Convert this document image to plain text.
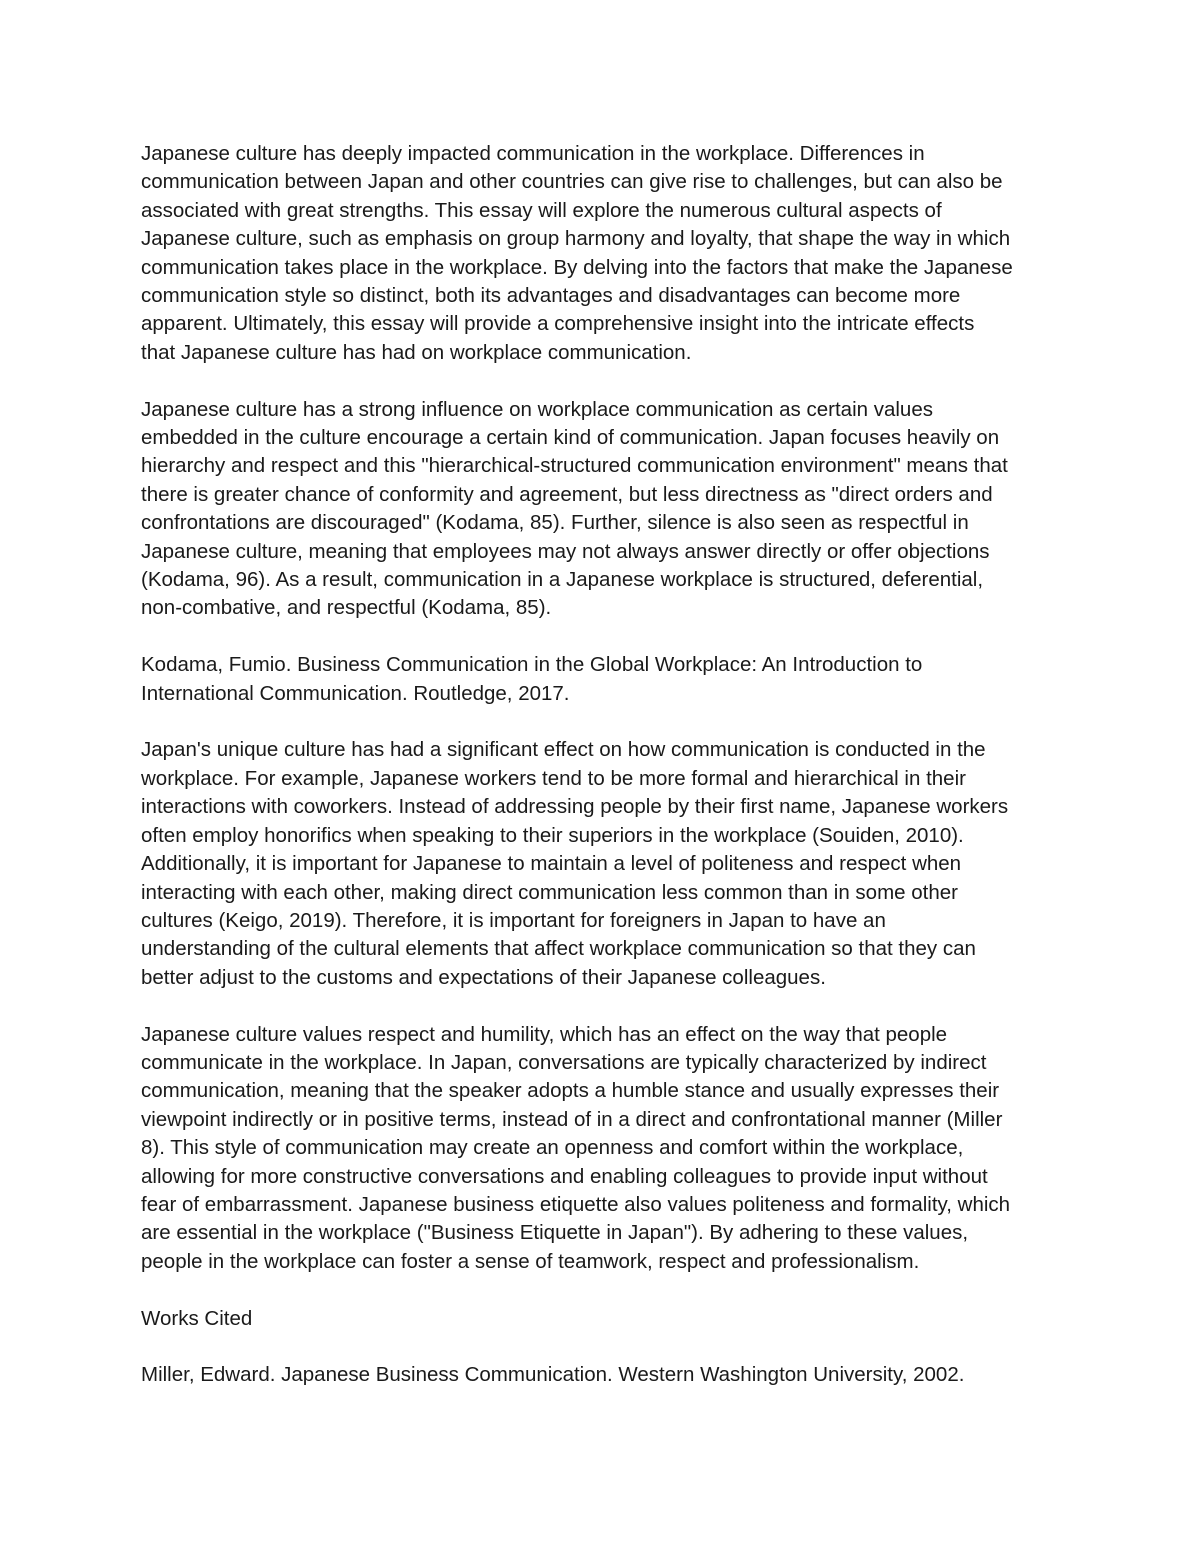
Japanese culture has deeply impacted communication in the workplace. Differences in
communication between Japan and other countries can give rise to challenges, but can also be
associated with great strengths. This essay will explore the numerous cultural aspects of
Japanese culture, such as emphasis on group harmony and loyalty, that shape the way in which
communication takes place in the workplace. By delving into the factors that make the Japanese
communication style so distinct, both its advantages and disadvantages can become more
apparent. Ultimately, this essay will provide a comprehensive insight into the intricate effects
that Japanese culture has had on workplace communication.

Japanese culture has a strong influence on workplace communication as certain values
embedded in the culture encourage a certain kind of communication. Japan focuses heavily on
hierarchy and respect and this "hierarchical-structured communication environment" means that
there is greater chance of conformity and agreement, but less directness as "direct orders and
confrontations are discouraged" (Kodama, 85). Further, silence is also seen as respectful in
Japanese culture, meaning that employees may not always answer directly or offer objections
(Kodama, 96). As a result, communication in a Japanese workplace is structured, deferential,
non-combative, and respectful (Kodama, 85).

Kodama, Fumio. Business Communication in the Global Workplace: An Introduction to
International Communication. Routledge, 2017.

Japan's unique culture has had a significant effect on how communication is conducted in the
workplace. For example, Japanese workers tend to be more formal and hierarchical in their
interactions with coworkers. Instead of addressing people by their first name, Japanese workers
often employ honorifics when speaking to their superiors in the workplace (Souiden, 2010).
Additionally, it is important for Japanese to maintain a level of politeness and respect when
interacting with each other, making direct communication less common than in some other
cultures (Keigo, 2019). Therefore, it is important for foreigners in Japan to have an
understanding of the cultural elements that affect workplace communication so that they can
better adjust to the customs and expectations of their Japanese colleagues.

Japanese culture values respect and humility, which has an effect on the way that people
communicate in the workplace. In Japan, conversations are typically characterized by indirect
communication, meaning that the speaker adopts a humble stance and usually expresses their
viewpoint indirectly or in positive terms, instead of in a direct and confrontational manner (Miller
8). This style of communication may create an openness and comfort within the workplace,
allowing for more constructive conversations and enabling colleagues to provide input without
fear of embarrassment. Japanese business etiquette also values politeness and formality, which
are essential in the workplace ("Business Etiquette in Japan"). By adhering to these values,
people in the workplace can foster a sense of teamwork, respect and professionalism.

Works Cited

Miller, Edward. Japanese Business Communication. Western Washington University, 2002.
